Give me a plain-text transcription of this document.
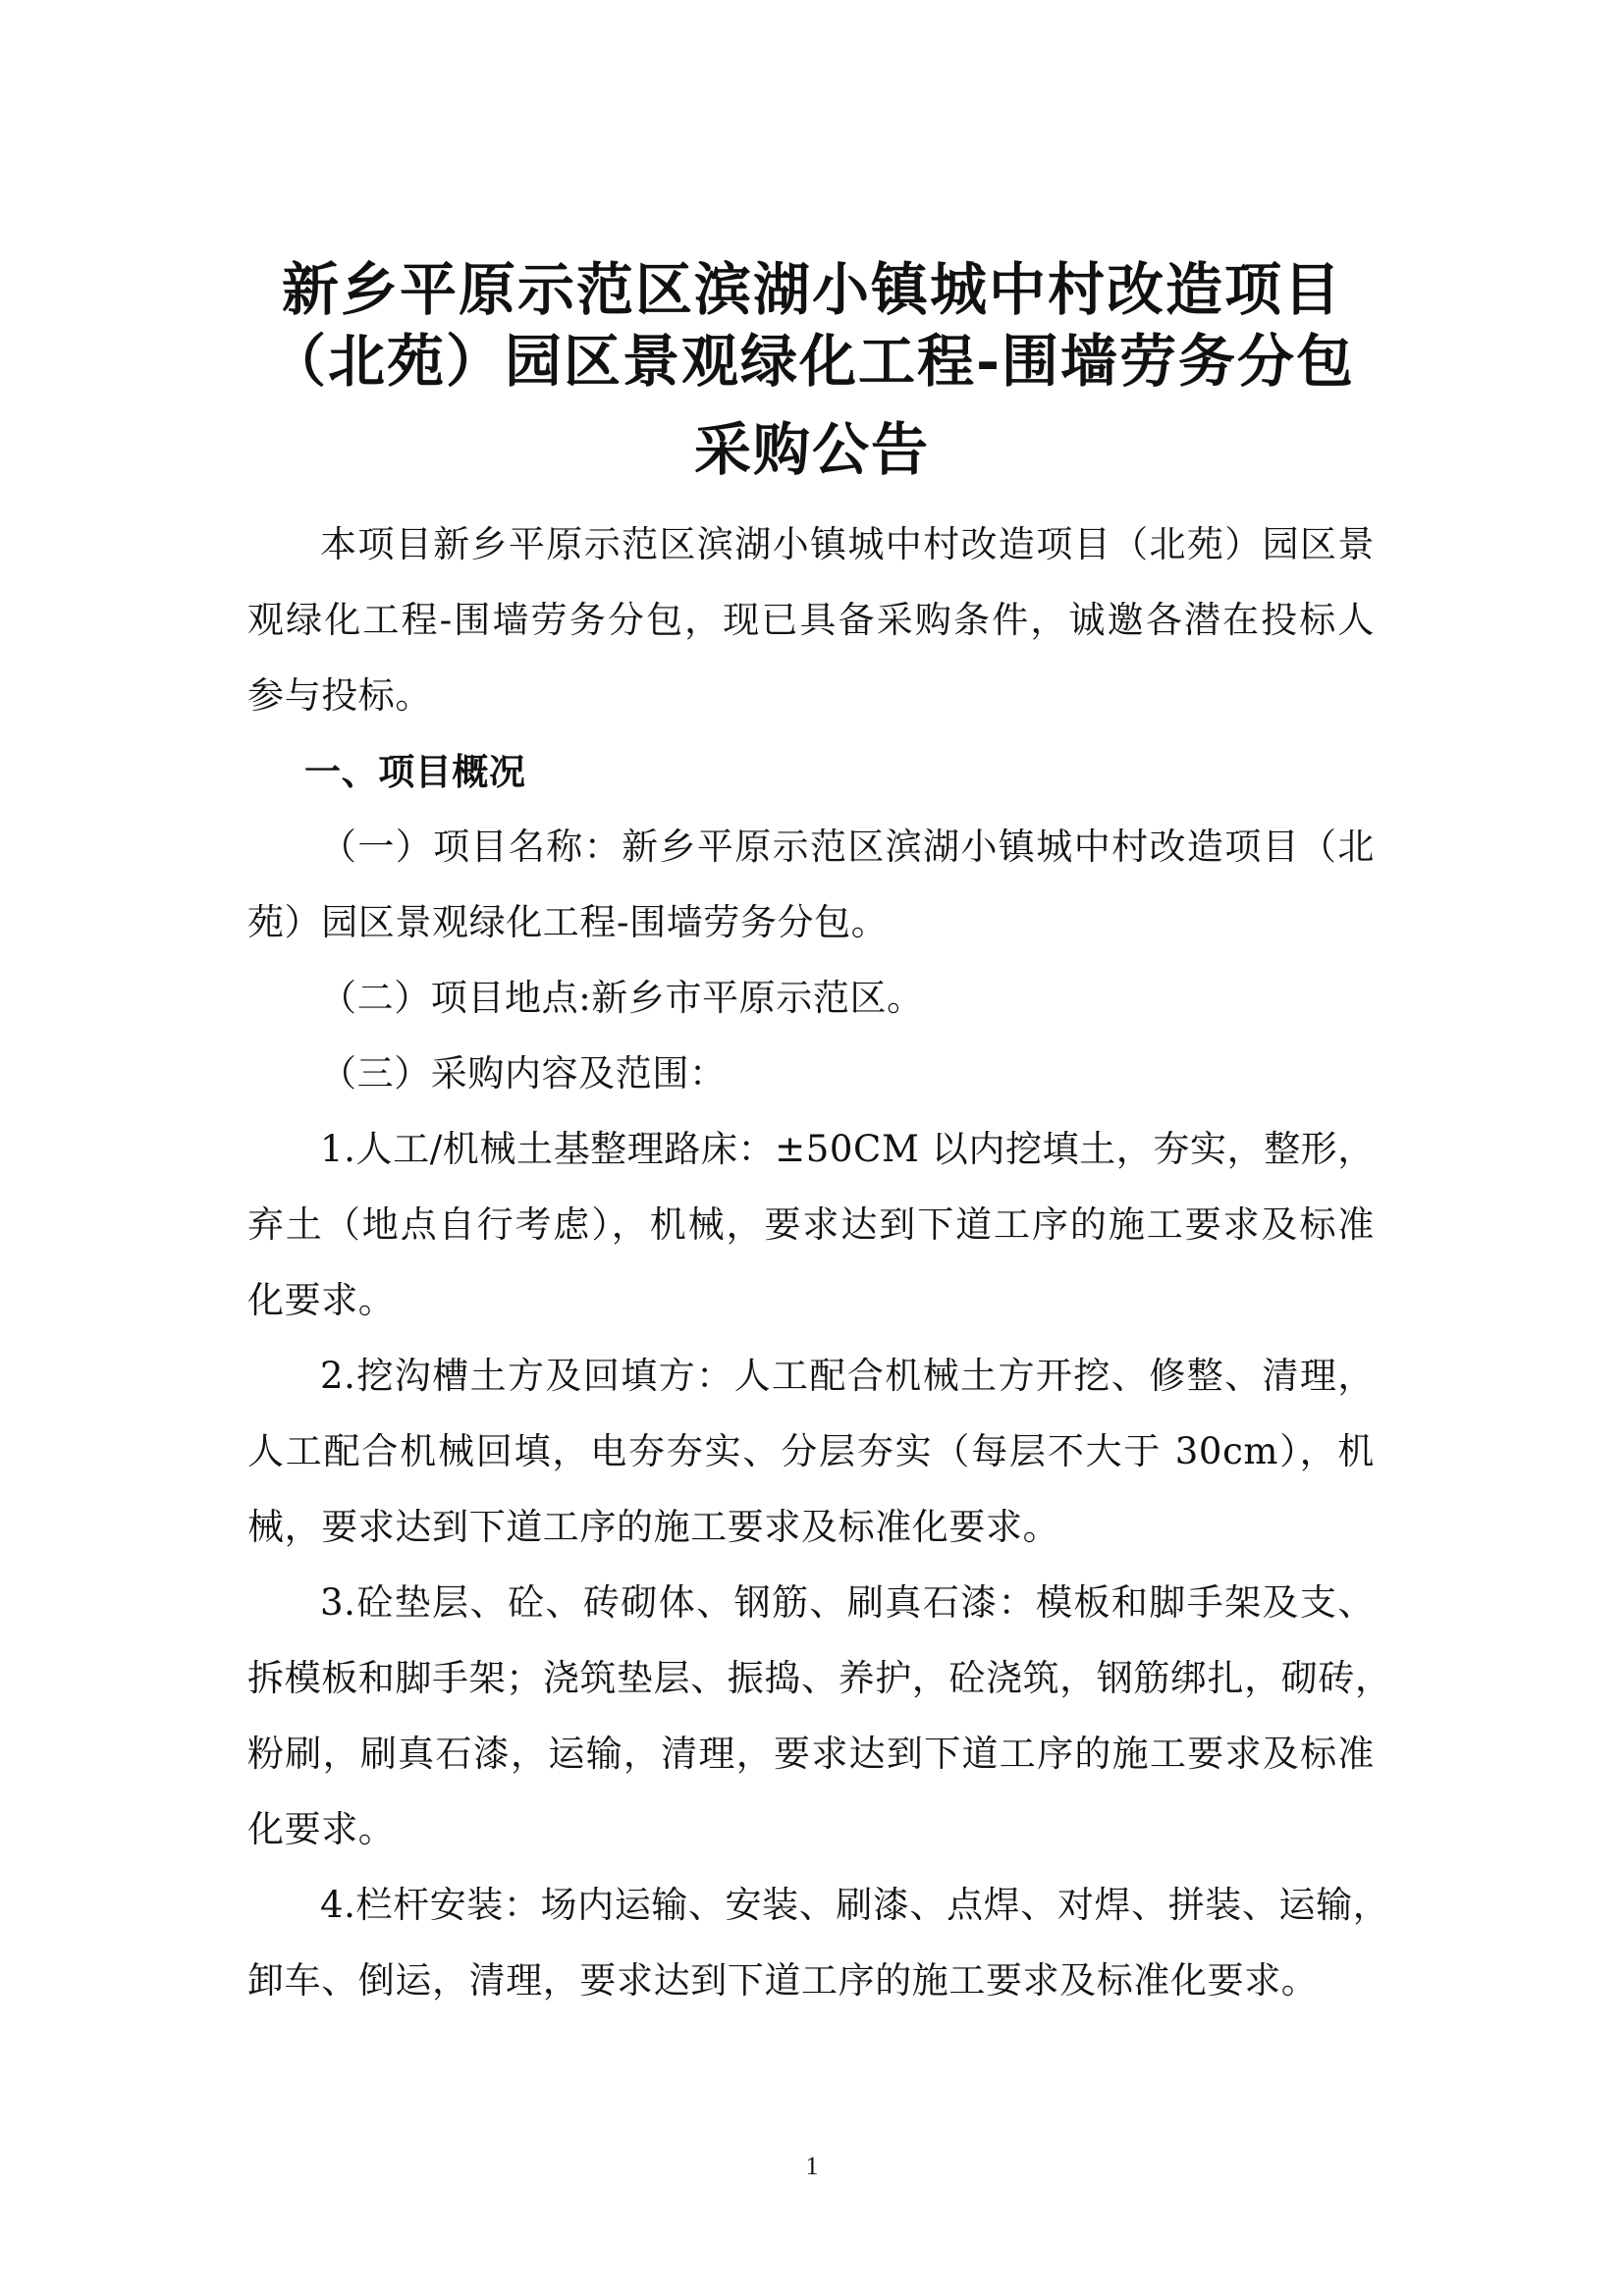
新乡平原示范区滨湖小镇城中村改造项目
（北苑）园区景观绿化工程-围墙劳务分包
采购公告
本项目新乡平原示范区滨湖小镇城中村改造项目（北苑）园区景
观绿化工程-围墙劳务分包，现已具备采购条件，诚邀各潜在投标人
参与投标。
一、项目概况
（一）项目名称：新乡平原示范区滨湖小镇城中村改造项目（北
苑）园区景观绿化工程-围墙劳务分包。
（二）项目地点:新乡市平原示范区。
（三）采购内容及范围：
1.人工/机械土基整理路床：±50CM 以内挖填土，夯实，整形，
弃土（地点自行考虑），机械，要求达到下道工序的施工要求及标准
化要求。
2.挖沟槽土方及回填方：人工配合机械土方开挖、修整、清理，
人工配合机械回填，电夯夯实、分层夯实（每层不大于 30cm），机
械，要求达到下道工序的施工要求及标准化要求。
3.砼垫层、砼、砖砌体、钢筋、刷真石漆：模板和脚手架及支、
拆模板和脚手架；浇筑垫层、振捣、养护，砼浇筑，钢筋绑扎，砌砖，
粉刷，刷真石漆，运输，清理，要求达到下道工序的施工要求及标准
化要求。
4.栏杆安装：场内运输、安装、刷漆、点焊、对焊、拼装、运输，
卸车、倒运，清理，要求达到下道工序的施工要求及标准化要求。
1
